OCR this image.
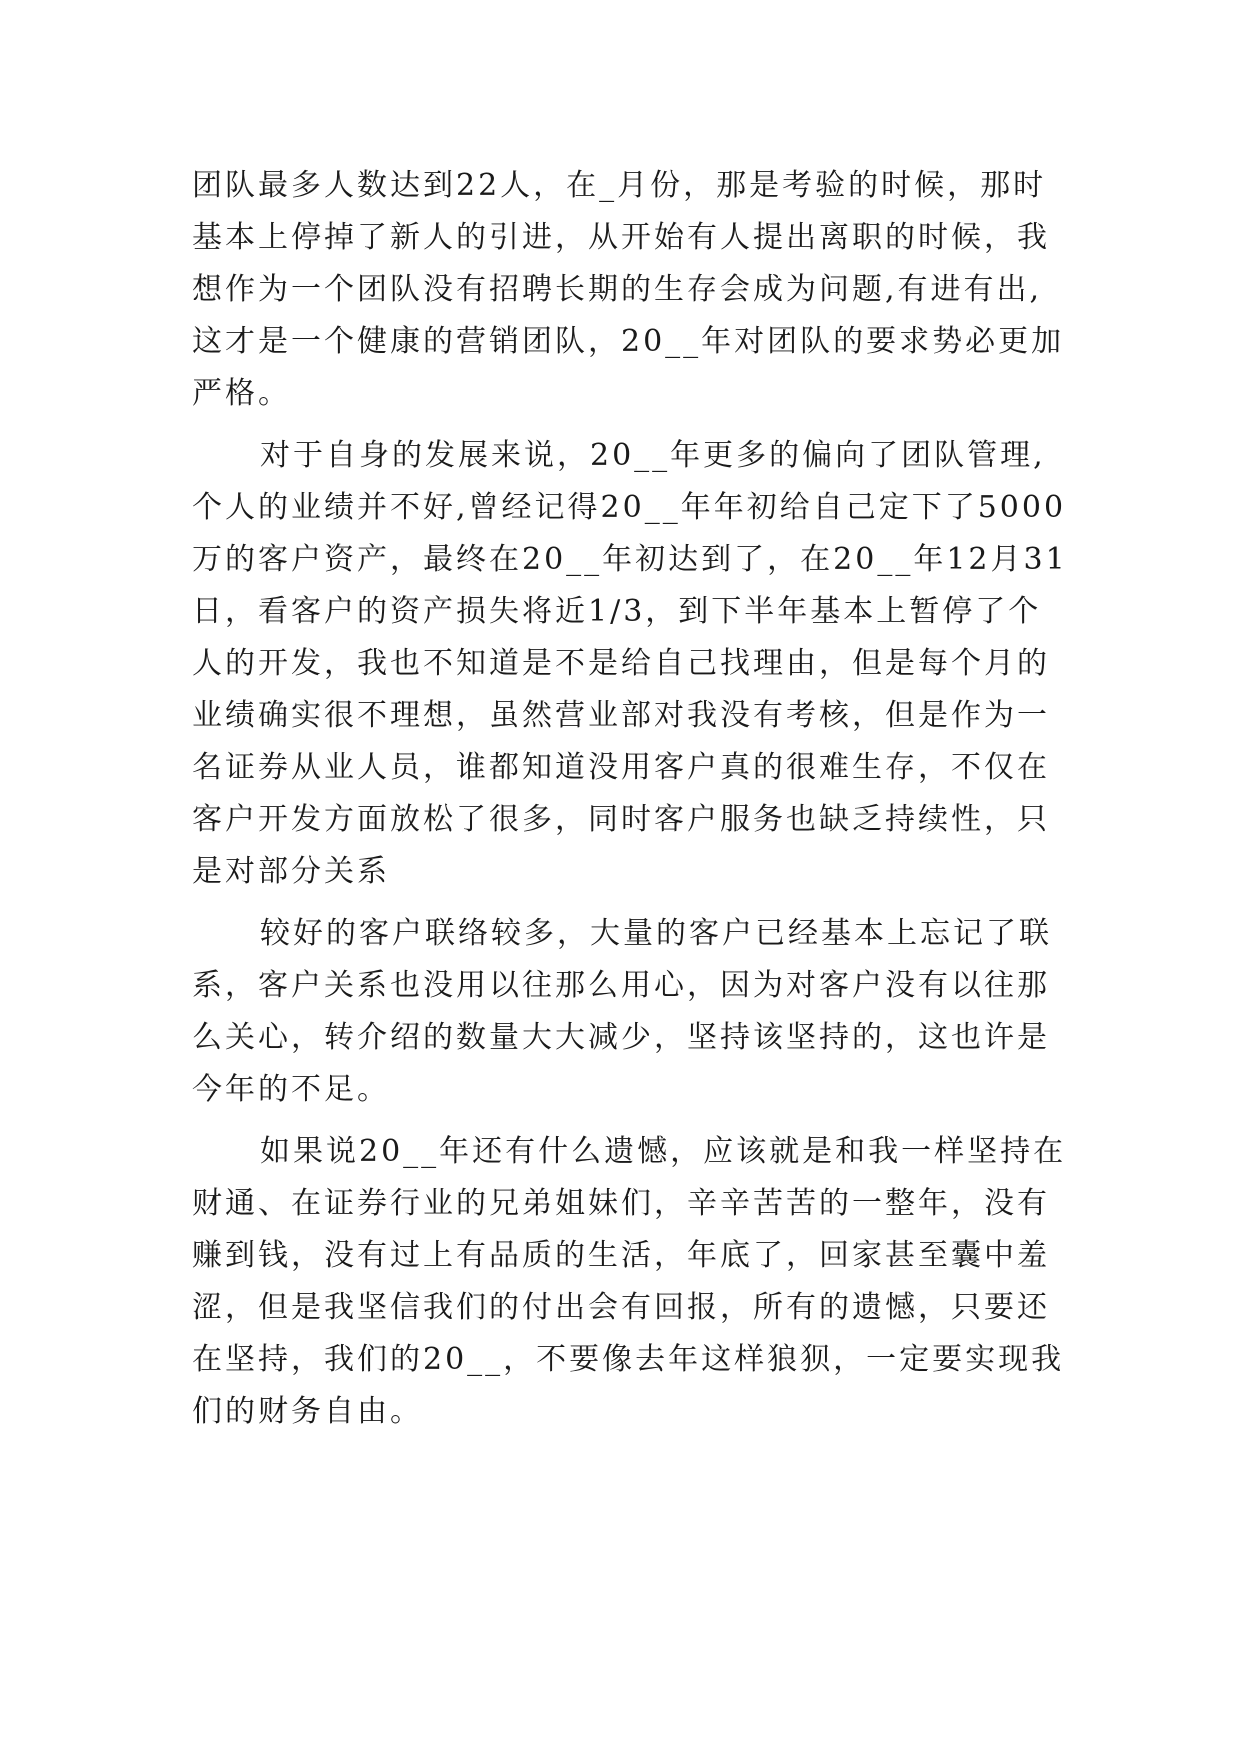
团队最多人数达到22人，在_月份，那是考验的时候，那时
基本上停掉了新人的引进，从开始有人提出离职的时候，我
想作为一个团队没有招聘长期的生存会成为问题,有进有出,
这才是一个健康的营销团队，20__年对团队的要求势必更加
严格。
对于自身的发展来说，20__年更多的偏向了团队管理,
个人的业绩并不好,曾经记得20__年年初给自己定下了5000
万的客户资产，最终在20__年初达到了，在20__年12月31
日，看客户的资产损失将近1/3，到下半年基本上暂停了个
人的开发，我也不知道是不是给自己找理由，但是每个月的
业绩确实很不理想，虽然营业部对我没有考核，但是作为一
名证券从业人员，谁都知道没用客户真的很难生存，不仅在
客户开发方面放松了很多，同时客户服务也缺乏持续性，只
是对部分关系
较好的客户联络较多，大量的客户已经基本上忘记了联
系，客户关系也没用以往那么用心，因为对客户没有以往那
么关心，转介绍的数量大大减少，坚持该坚持的，这也许是
今年的不足。
如果说20__年还有什么遗憾，应该就是和我一样坚持在
财通、在证券行业的兄弟姐妹们，辛辛苦苦的一整年，没有
赚到钱，没有过上有品质的生活，年底了，回家甚至囊中羞
涩，但是我坚信我们的付出会有回报，所有的遗憾，只要还
在坚持，我们的20__，不要像去年这样狼狈，一定要实现我
们的财务自由。
